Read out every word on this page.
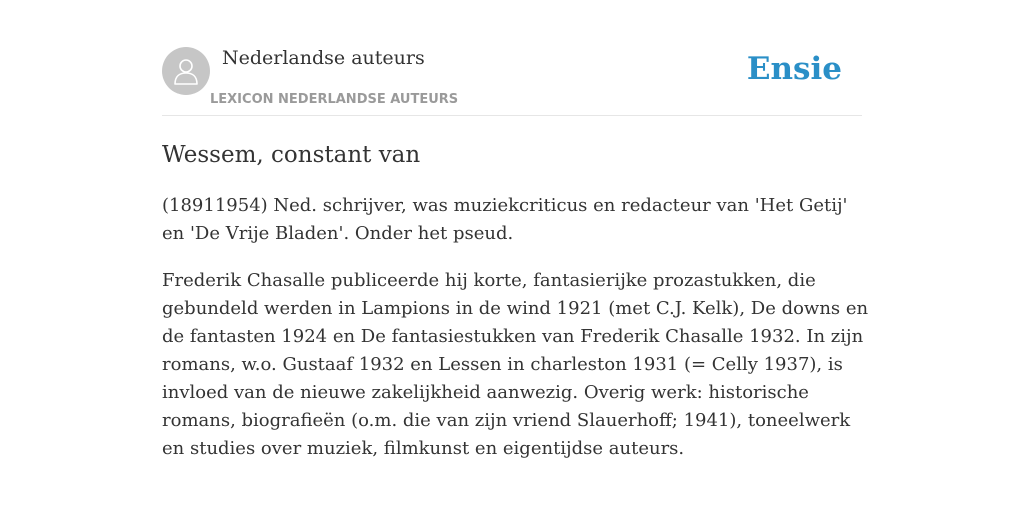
Nederlandse auteurs
LEXICON NEDERLANDSE AUTEURS
Ensie
Wessem, constant van

(18911954) Ned. schrijver, was muziekcriticus en redacteur van 'Het Getij' en 'De Vrije Bladen'. Onder het pseud.

Frederik Chasalle publiceerde hij korte, fantasierijke prozastukken, die gebundeld werden in Lampions in de wind 1921 (met C.J. Kelk), De downs en de fantasten 1924 en De fantasiestukken van Frederik Chasalle 1932. In zijn romans, w.o. Gustaaf 1932 en Lessen in charleston 1931 (= Celly 1937), is invloed van de nieuwe zakelijkheid aanwezig. Overig werk: historische romans, biografieën (o.m. die van zijn vriend Slauerhoff; 1941), toneelwerk en studies over muziek, filmkunst en eigentijdse auteurs.
